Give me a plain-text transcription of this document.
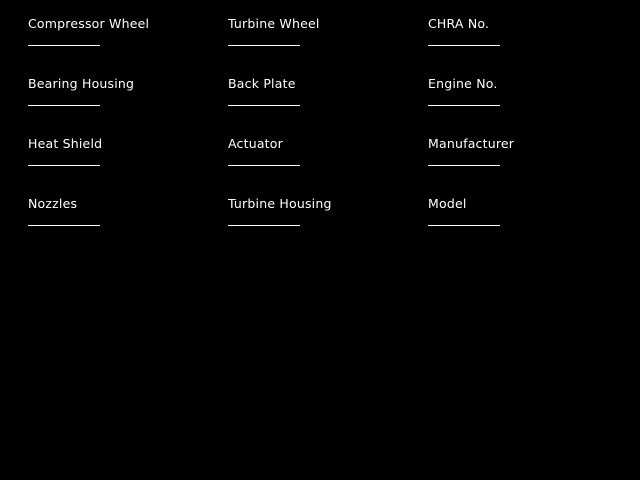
Compressor Wheel
Bearing Housing
Heat Shield
Nozzles
Turbine Wheel
Back Plate
Actuator
Turbine Housing
CHRA No.
Engine No.
Manufacturer
Model
